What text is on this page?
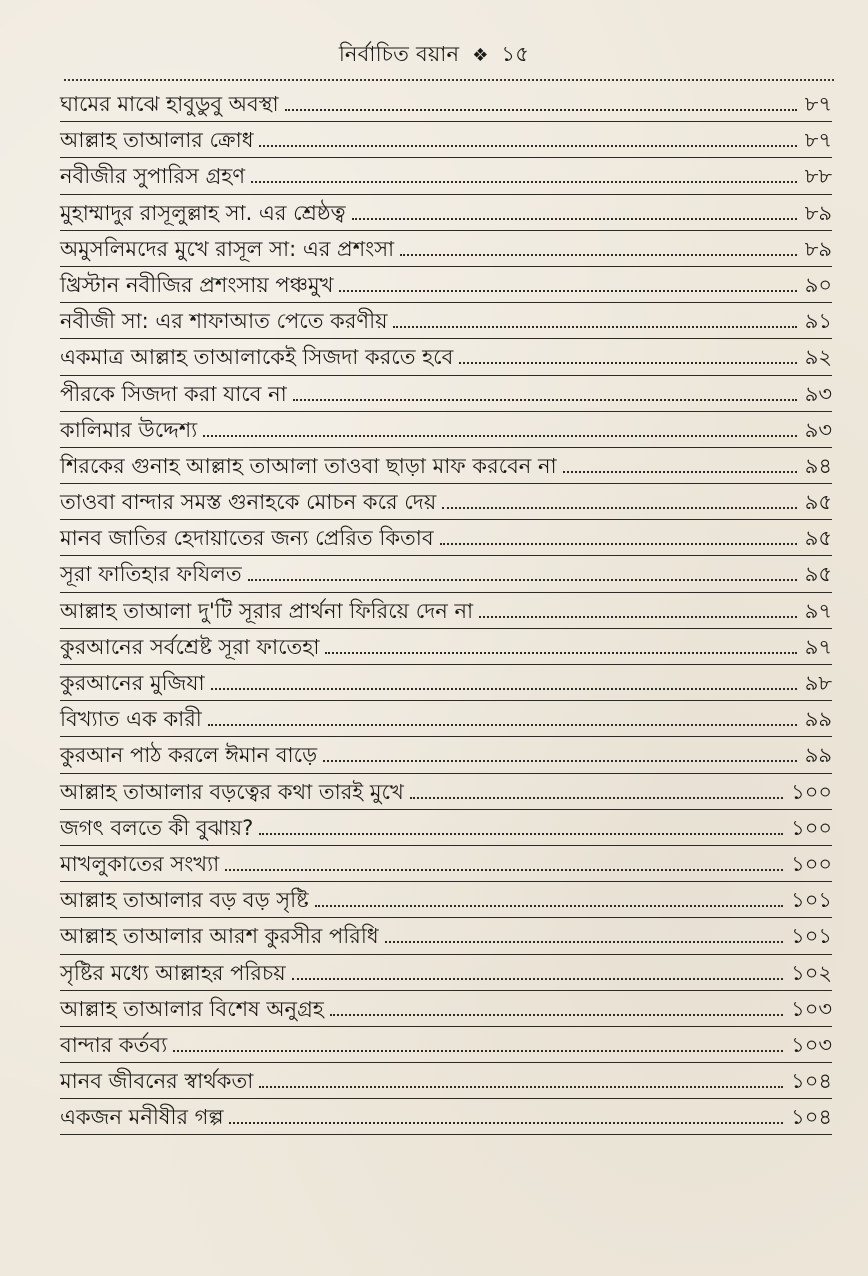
নির্বাচিত বয়ান ❖ ১৫
ঘামের মাঝে হাবুডুবু অবস্থা	৮৭
আল্লাহ তাআলার ক্রোধ	৮৭
নবীজীর সুপারিস গ্রহণ	৮৮
মুহাম্মাদুর রাসূলুল্লাহ সা. এর শ্রেষ্ঠত্ব	৮৯
অমুসলিমদের মুখে রাসূল সা: এর প্রশংসা	৮৯
খ্রিস্টান নবীজির প্রশংসায় পঞ্চমুখ	৯০
নবীজী সা: এর শাফাআত পেতে করণীয়	৯১
একমাত্র আল্লাহ তাআলাকেই সিজদা করতে হবে	৯২
পীরকে সিজদা করা যাবে না	৯৩
কালিমার উদ্দেশ্য	৯৩
শিরকের গুনাহ আল্লাহ তাআলা তাওবা ছাড়া মাফ করবেন না	৯৪
তাওবা বান্দার সমস্ত গুনাহকে মোচন করে দেয়	৯৫
মানব জাতির হেদায়াতের জন্য প্রেরিত কিতাব	৯৫
সূরা ফাতিহার ফযিলত	৯৫
আল্লাহ তাআলা দু'টি সূরার প্রার্থনা ফিরিয়ে দেন না	৯৭
কুরআনের সর্বশ্রেষ্ট সূরা ফাতেহা	৯৭
কুরআনের মুজিযা	৯৮
বিখ্যাত এক কারী	৯৯
কুরআন পাঠ করলে ঈমান বাড়ে	৯৯
আল্লাহ তাআলার বড়ত্বের কথা তারই মুখে	১০০
জগৎ বলতে কী বুঝায়?	১০০
মাখলুকাতের সংখ্যা	১০০
আল্লাহ তাআলার বড় বড় সৃষ্টি	১০১
আল্লাহ তাআলার আরশ কুরসীর পরিধি	১০১
সৃষ্টির মধ্যে আল্লাহর পরিচয়	১০২
আল্লাহ তাআলার বিশেষ অনুগ্রহ	১০৩
বান্দার কর্তব্য	১০৩
মানব জীবনের স্বার্থকতা	১০৪
একজন মনীষীর গল্প	১০৪
